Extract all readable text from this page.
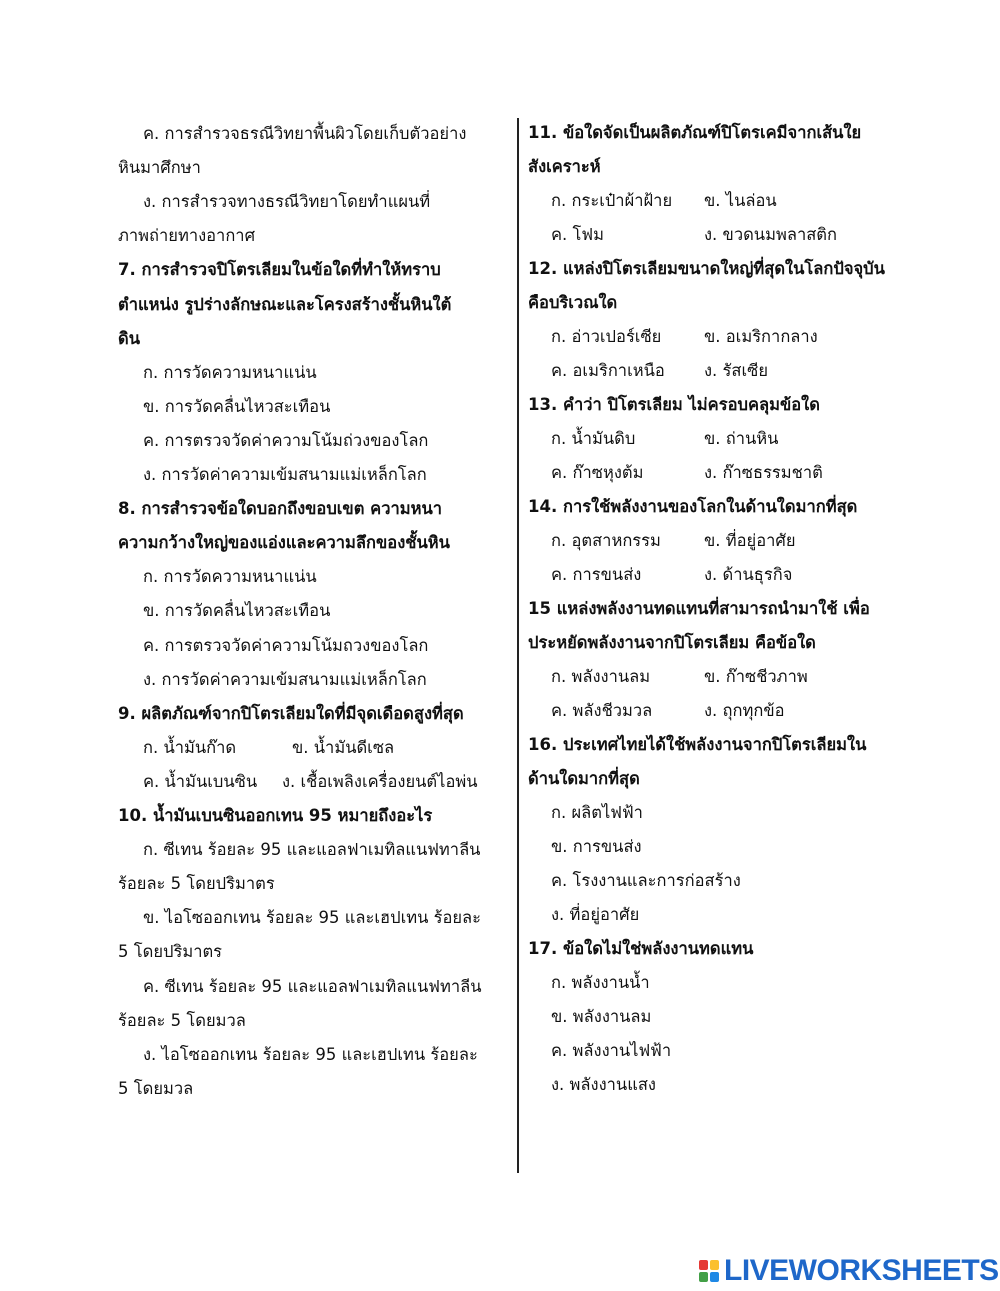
ค. การสำรวจธรณีวิทยาพื้นผิวโดยเก็บตัวอย่าง
หินมาศึกษา
ง. การสำรวจทางธรณีวิทยาโดยทำแผนที่
ภาพถ่ายทางอากาศ
7. การสำรวจปิโตรเลียมในข้อใดที่ทำให้ทราบ
ตำแหน่ง รูปร่างลักษณะและโครงสร้างชั้นหินใต้
ดิน
ก. การวัดความหนาแน่น
ข. การวัดคลื่นไหวสะเทือน
ค. การตรวจวัดค่าความโน้มถ่วงของโลก
ง. การวัดค่าความเข้มสนามแม่เหล็กโลก
8. การสำรวจข้อใดบอกถึงขอบเขต ความหนา
ความกว้างใหญ่ของแอ่งและความลึกของชั้นหิน
ก. การวัดความหนาแน่น
ข. การวัดคลื่นไหวสะเทือน
ค. การตรวจวัดค่าความโน้มถวงของโลก
ง. การวัดค่าความเข้มสนามแม่เหล็กโลก
9. ผลิตภัณฑ์จากปิโตรเลียมใดที่มีจุดเดือดสูงที่สุด
ก. น้ำมันก๊าด	ข. น้ำมันดีเซล
ค. น้ำมันเบนซิน ง. เชื้อเพลิงเครื่องยนต์ไอพ่น
10. น้ำมันเบนซินออกเทน 95 หมายถึงอะไร
ก. ซีเทน ร้อยละ 95 และแอลฟาเมทิลแนฟทาลีน
ร้อยละ 5 โดยปริมาตร
ข. ไอโซออกเทน ร้อยละ 95 และเฮปเทน ร้อยละ
5 โดยปริมาตร
ค. ซีเทน ร้อยละ 95 และแอลฟาเมทิลแนฟทาลีน
ร้อยละ 5 โดยมวล
ง. ไอโซออกเทน ร้อยละ 95 และเฮปเทน ร้อยละ
5 โดยมวล
11. ข้อใดจัดเป็นผลิตภัณฑ์ปิโตรเคมีจากเส้นใย
สังเคราะห์
ก. กระเป๋าผ้าฝ้าย ข. ไนล่อน
ค. โฟม	ง. ขวดนมพลาสติก
12. แหล่งปิโตรเลียมขนาดใหญ่ที่สุดในโลกปัจจุบัน
คือบริเวณใด
ก. อ่าวเปอร์เซีย	ข. อเมริกากลาง
ค. อเมริกาเหนือ ง. รัสเซีย
13. คำว่า ปิโตรเลียม ไม่ครอบคลุมข้อใด
ก. น้ำมันดิบ	ข. ถ่านหิน
ค. ก๊าซหุงต้ม	ง. ก๊าซธรรมชาติ
14. การใช้พลังงานของโลกในด้านใดมากที่สุด
ก. อุตสาหกรรม	ข. ที่อยู่อาศัย
ค. การขนส่ง	ง. ด้านธุรกิจ
15 แหล่งพลังงานทดแทนที่สามารถนำมาใช้ เพื่อ
ประหยัดพลังงานจากปิโตรเลียม คือข้อใด
ก. พลังงานลม	ข. ก๊าซชีวภาพ
ค. พลังชีวมวล	ง. ถุกทุกข้อ
16. ประเทศไทยได้ใช้พลังงานจากปิโตรเลียมใน
ด้านใดมากที่สุด
ก. ผลิตไฟฟ้า
ข. การขนส่ง
ค. โรงงานและการก่อสร้าง
ง. ที่อยู่อาศัย
17. ข้อใดไม่ใช่พลังงานทดแทน
ก. พลังงานน้ำ
ข. พลังงานลม
ค. พลังงานไฟฟ้า
ง. พลังงานแสง
LIVEWORKSHEETS
